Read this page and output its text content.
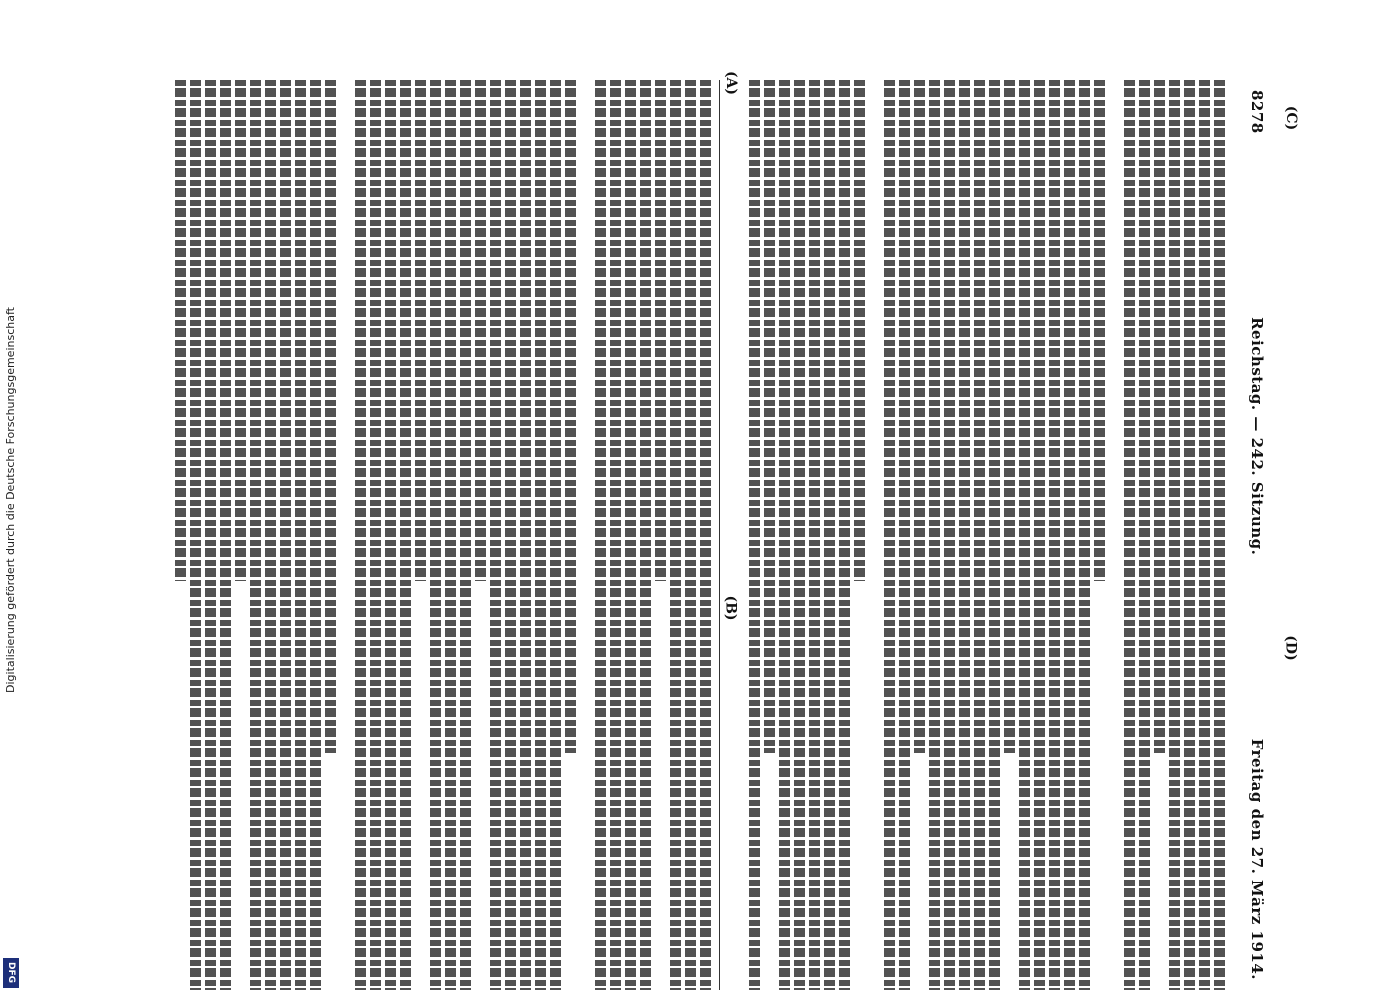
8278
Reichstag. — 242. Sitzung.
Freitag den 27. März 1914.
(A)
(B)
(C)
(D)
Digitalisierung gefördert durch die Deutsche Forschungsgemeinschaft
DFG
